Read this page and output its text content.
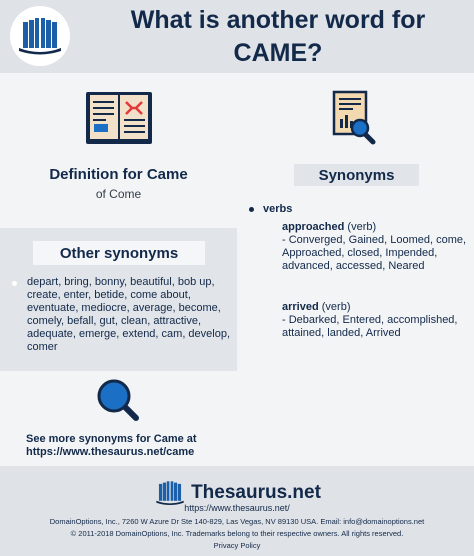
What is another word for
CAME?
Definition for Came
of Come
Other synonyms
depart, bring, bonny, beautiful, bob up, create, enter, betide, come about, eventuate, mediocre, average, become, comely, befall, gut, clean, attractive, adequate, emerge, extend, cam, develop, comer
See more synonyms for Came at
https://www.thesaurus.net/came
Synonyms
verbs
approached (verb)
- Converged, Gained, Loomed, come, Approached, closed, Impended, advanced, accessed, Neared
arrived (verb)
- Debarked, Entered, accomplished, attained, landed, Arrived
Thesaurus.net
https://www.thesaurus.net/
DomainOptions, Inc., 7260 W Azure Dr Ste 140-829, Las Vegas, NV 89130 USA. Email: info@domainoptions.net
© 2011-2018 DomainOptions, Inc. Trademarks belong to their respective owners. All rights reserved.
Privacy Policy
